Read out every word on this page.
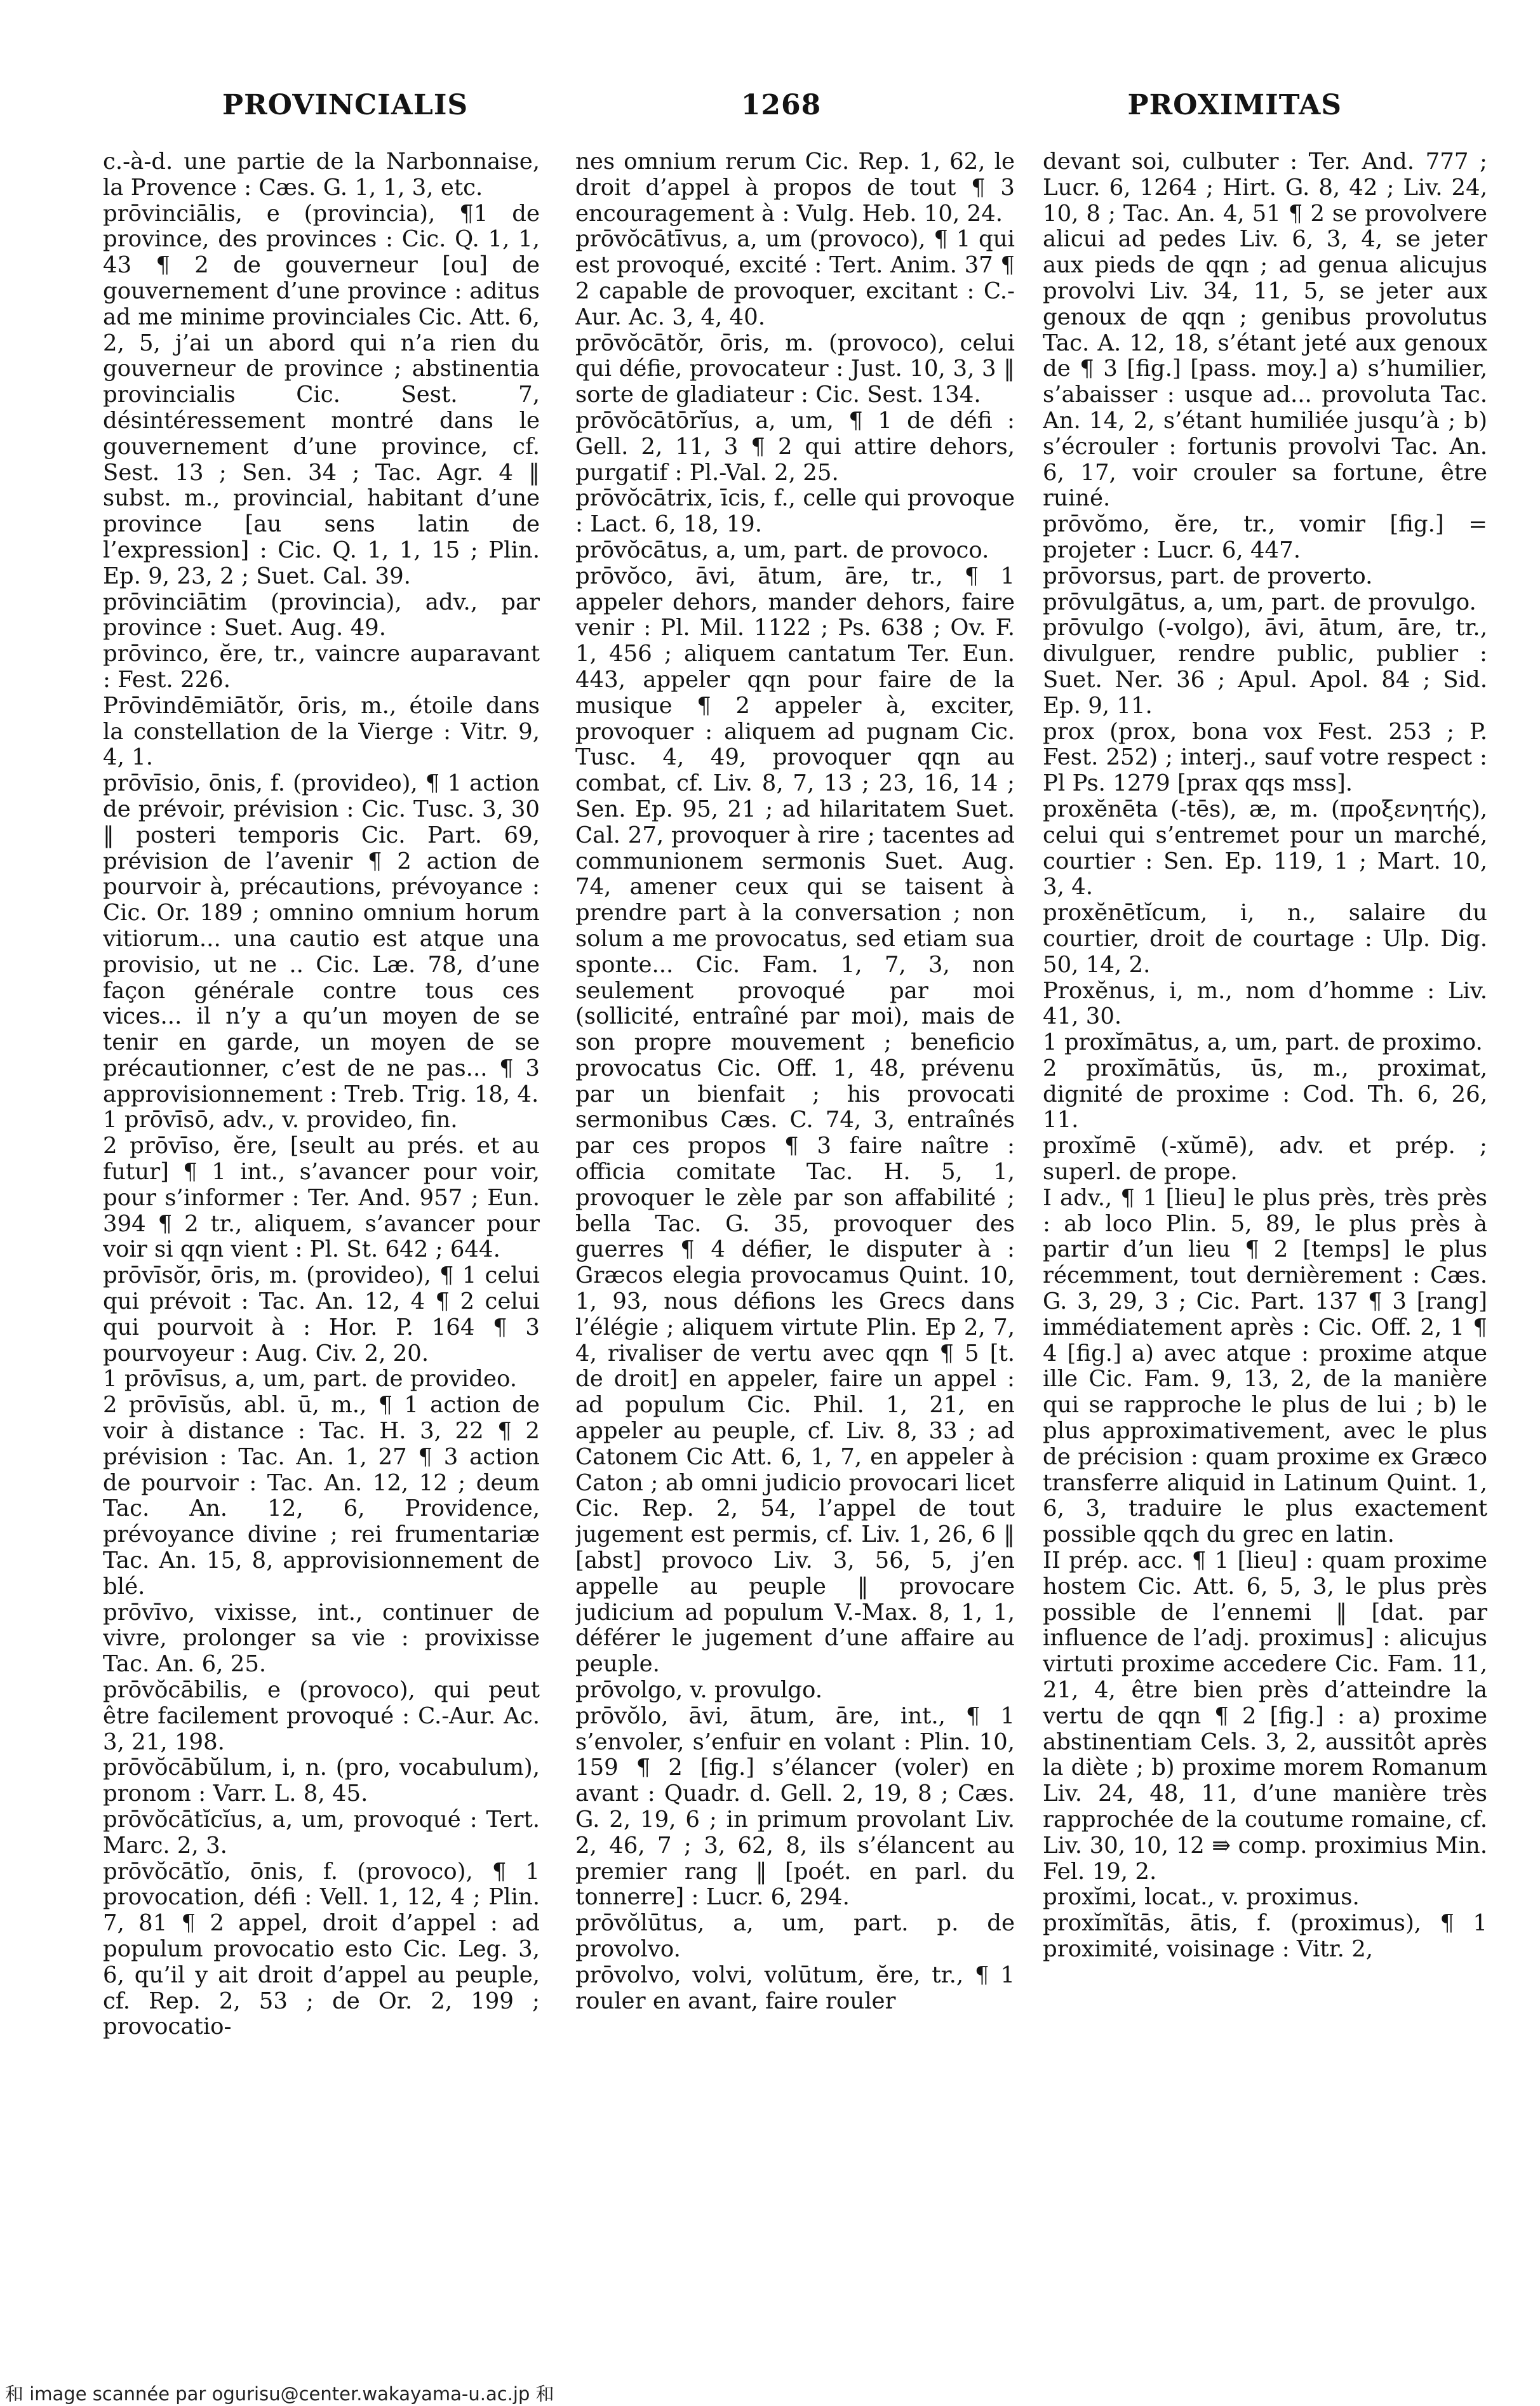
PROVINCIALIS	1268	PROXIMITAS

c.-à-d. une partie de la Narbonnaise, la Provence : Cæs. G. 1, 1, 3, etc.

prōvinciālis, e (provincia), ¶1 de province, des provinces : Cic. Q. 1, 1, 43 ¶ 2 de gouverneur [ou] de gouvernement d’une province : aditus ad me minime provinciales Cic. Att. 6, 2, 5, j’ai un abord qui n’a rien du gouverneur de province ; abstinentia provincialis Cic. Sest. 7, désintéressement montré dans le gouvernement d’une province, cf. Sest. 13 ; Sen. 34 ; Tac. Agr. 4 ‖ subst. m., provincial, habitant d’une province [au sens latin de l’expression] : Cic. Q. 1, 1, 15 ; Plin. Ep. 9, 23, 2 ; Suet. Cal. 39.

prōvinciātim (provincia), adv., par province : Suet. Aug. 49.

prōvinco, ĕre, tr., vaincre auparavant : Fest. 226.

Prōvindēmiātŏr, ōris, m., étoile dans la constellation de la Vierge : Vitr. 9, 4, 1.

prōvīsio, ōnis, f. (provideo), ¶ 1 action de prévoir, prévision : Cic. Tusc. 3, 30 ‖ posteri temporis Cic. Part. 69, prévision de l’avenir ¶ 2 action de pourvoir à, précautions, prévoyance : Cic. Or. 189 ; omnino omnium horum vitiorum... una cautio est atque una provisio, ut ne .. Cic. Læ. 78, d’une façon générale contre tous ces vices... il n’y a qu’un moyen de se tenir en garde, un moyen de se précautionner, c’est de ne pas... ¶ 3 approvisionnement : Treb. Trig. 18, 4.

1 prōvīsō, adv., v. provideo, fin.

2 prōvīso, ĕre, [seult au prés. et au futur] ¶ 1 int., s’avancer pour voir, pour s’informer : Ter. And. 957 ; Eun. 394 ¶ 2 tr., aliquem, s’avancer pour voir si qqn vient : Pl. St. 642 ; 644.

prōvīsŏr, ōris, m. (provideo), ¶ 1 celui qui prévoit : Tac. An. 12, 4 ¶ 2 celui qui pourvoit à : Hor. P. 164 ¶ 3 pourvoyeur : Aug. Civ. 2, 20.

1 prōvīsus, a, um, part. de provideo.

2 prōvīsŭs, abl. ū, m., ¶ 1 action de voir à distance : Tac. H. 3, 22 ¶ 2 prévision : Tac. An. 1, 27 ¶ 3 action de pourvoir : Tac. An. 12, 12 ; deum Tac. An. 12, 6, Providence, prévoyance divine ; rei frumentariæ Tac. An. 15, 8, approvisionnement de blé.

prōvīvo, vixisse, int., continuer de vivre, prolonger sa vie : provixisse Tac. An. 6, 25.

prōvŏcābilis, e (provoco), qui peut être facilement provoqué : C.-Aur. Ac. 3, 21, 198.

prōvŏcābŭlum, i, n. (pro, vocabulum), pronom : Varr. L. 8, 45.

prōvŏcātĭcĭus, a, um, provoqué : Tert. Marc. 2, 3.

prōvŏcātĭo, ōnis, f. (provoco), ¶ 1 provocation, défi : Vell. 1, 12, 4 ; Plin. 7, 81 ¶ 2 appel, droit d’appel : ad populum provocatio esto Cic. Leg. 3, 6, qu’il y ait droit d’appel au peuple, cf. Rep. 2, 53 ; de Or. 2, 199 ; provocatio-

nes omnium rerum Cic. Rep. 1, 62, le droit d’appel à propos de tout ¶ 3 encouragement à : Vulg. Heb. 10, 24.

prōvŏcātīvus, a, um (provoco), ¶ 1 qui est provoqué, excité : Tert. Anim. 37 ¶ 2 capable de provoquer, excitant : C.-Aur. Ac. 3, 4, 40.

prōvŏcātŏr, ōris, m. (provoco), celui qui défie, provocateur : Just. 10, 3, 3 ‖ sorte de gladiateur : Cic. Sest. 134.

prōvŏcātōrĭus, a, um, ¶ 1 de défi : Gell. 2, 11, 3 ¶ 2 qui attire dehors, purgatif : Pl.-Val. 2, 25.

prōvŏcātrix, īcis, f., celle qui provoque : Lact. 6, 18, 19.

prōvŏcātus, a, um, part. de provoco.

prōvŏco, āvi, ātum, āre, tr., ¶ 1 appeler dehors, mander dehors, faire venir : Pl. Mil. 1122 ; Ps. 638 ; Ov. F. 1, 456 ; aliquem cantatum Ter. Eun. 443, appeler qqn pour faire de la musique ¶ 2 appeler à, exciter, provoquer : aliquem ad pugnam Cic. Tusc. 4, 49, provoquer qqn au combat, cf. Liv. 8, 7, 13 ; 23, 16, 14 ; Sen. Ep. 95, 21 ; ad hilaritatem Suet. Cal. 27, provoquer à rire ; tacentes ad communionem sermonis Suet. Aug. 74, amener ceux qui se taisent à prendre part à la conversation ; non solum a me provocatus, sed etiam sua sponte... Cic. Fam. 1, 7, 3, non seulement provoqué par moi (sollicité, entraîné par moi), mais de son propre mouvement ; beneficio provocatus Cic. Off. 1, 48, prévenu par un bienfait ; his provocati sermonibus Cæs. C. 74, 3, entraînés par ces propos ¶ 3 faire naître : officia comitate Tac. H. 5, 1, provoquer le zèle par son affabilité ; bella Tac. G. 35, provoquer des guerres ¶ 4 défier, le disputer à : Græcos elegia provocamus Quint. 10, 1, 93, nous défions les Grecs dans l’élégie ; aliquem virtute Plin. Ep 2, 7, 4, rivaliser de vertu avec qqn ¶ 5 [t. de droit] en appeler, faire un appel : ad populum Cic. Phil. 1, 21, en appeler au peuple, cf. Liv. 8, 33 ; ad Catonem Cic Att. 6, 1, 7, en appeler à Caton ; ab omni judicio provocari licet Cic. Rep. 2, 54, l’appel de tout jugement est permis, cf. Liv. 1, 26, 6 ‖ [abst] provoco Liv. 3, 56, 5, j’en appelle au peuple ‖ provocare judicium ad populum V.-Max. 8, 1, 1, déférer le jugement d’une affaire au peuple.

prōvolgo, v. provulgo.

prōvŏlo, āvi, ātum, āre, int., ¶ 1 s’envoler, s’enfuir en volant : Plin. 10, 159 ¶ 2 [fig.] s’élancer (voler) en avant : Quadr. d. Gell. 2, 19, 8 ; Cæs. G. 2, 19, 6 ; in primum provolant Liv. 2, 46, 7 ; 3, 62, 8, ils s’élancent au premier rang ‖ [poét. en parl. du tonnerre] : Lucr. 6, 294.

prōvŏlūtus, a, um, part. p. de provolvo.

prōvolvo, volvi, volūtum, ĕre, tr., ¶ 1 rouler en avant, faire rouler

devant soi, culbuter : Ter. And. 777 ; Lucr. 6, 1264 ; Hirt. G. 8, 42 ; Liv. 24, 10, 8 ; Tac. An. 4, 51 ¶ 2 se provolvere alicui ad pedes Liv. 6, 3, 4, se jeter aux pieds de qqn ; ad genua alicujus provolvi Liv. 34, 11, 5, se jeter aux genoux de qqn ; genibus provolutus Tac. A. 12, 18, s’étant jeté aux genoux de ¶ 3 [fig.] [pass. moy.] a) s’humilier, s’abaisser : usque ad... provoluta Tac. An. 14, 2, s’étant humiliée jusqu’à ; b) s’écrouler : fortunis provolvi Tac. An. 6, 17, voir crouler sa fortune, être ruiné.

prōvŏmo, ĕre, tr., vomir [fig.] = projeter : Lucr. 6, 447.

prōvorsus, part. de proverto.

prōvulgātus, a, um, part. de provulgo.

prōvulgo (-volgo), āvi, ātum, āre, tr., divulguer, rendre public, publier : Suet. Ner. 36 ; Apul. Apol. 84 ; Sid. Ep. 9, 11.

prox (prox, bona vox Fest. 253 ; P. Fest. 252) ; interj., sauf votre respect : Pl Ps. 1279 [prax qqs mss].

proxĕnēta (-tēs), æ, m. (προξενητής), celui qui s’entremet pour un marché, courtier : Sen. Ep. 119, 1 ; Mart. 10, 3, 4.

proxĕnētĭcum, i, n., salaire du courtier, droit de courtage : Ulp. Dig. 50, 14, 2.

Proxĕnus, i, m., nom d’homme : Liv. 41, 30.

1 proxĭmātus, a, um, part. de proximo.

2 proxĭmātŭs, ūs, m., proximat, dignité de proxime : Cod. Th. 6, 26, 11.

proxĭmē (-xŭmē), adv. et prép. ; superl. de prope.

I adv., ¶ 1 [lieu] le plus près, très près : ab loco Plin. 5, 89, le plus près à partir d’un lieu ¶ 2 [temps] le plus récemment, tout dernièrement : Cæs. G. 3, 29, 3 ; Cic. Part. 137 ¶ 3 [rang] immédiatement après : Cic. Off. 2, 1 ¶ 4 [fig.] a) avec atque : proxime atque ille Cic. Fam. 9, 13, 2, de la manière qui se rapproche le plus de lui ; b) le plus approximativement, avec le plus de précision : quam proxime ex Græco transferre aliquid in Latinum Quint. 1, 6, 3, traduire le plus exactement possible qqch du grec en latin.

II prép. acc. ¶ 1 [lieu] : quam proxime hostem Cic. Att. 6, 5, 3, le plus près possible de l’ennemi ‖ [dat. par influence de l’adj. proximus] : alicujus virtuti proxime accedere Cic. Fam. 11, 21, 4, être bien près d’atteindre la vertu de qqn ¶ 2 [fig.] : a) proxime abstinentiam Cels. 3, 2, aussitôt après la diète ; b) proxime morem Romanum Liv. 24, 48, 11, d’une manière très rapprochée de la coutume romaine, cf. Liv. 30, 10, 12 ⇛ comp. proximius Min. Fel. 19, 2.

proxĭmi, locat., v. proximus.

proxĭmĭtās, ātis, f. (proximus), ¶ 1 proximité, voisinage : Vitr. 2,

和 image scannée par ogurisu@center.wakayama-u.ac.jp 和
